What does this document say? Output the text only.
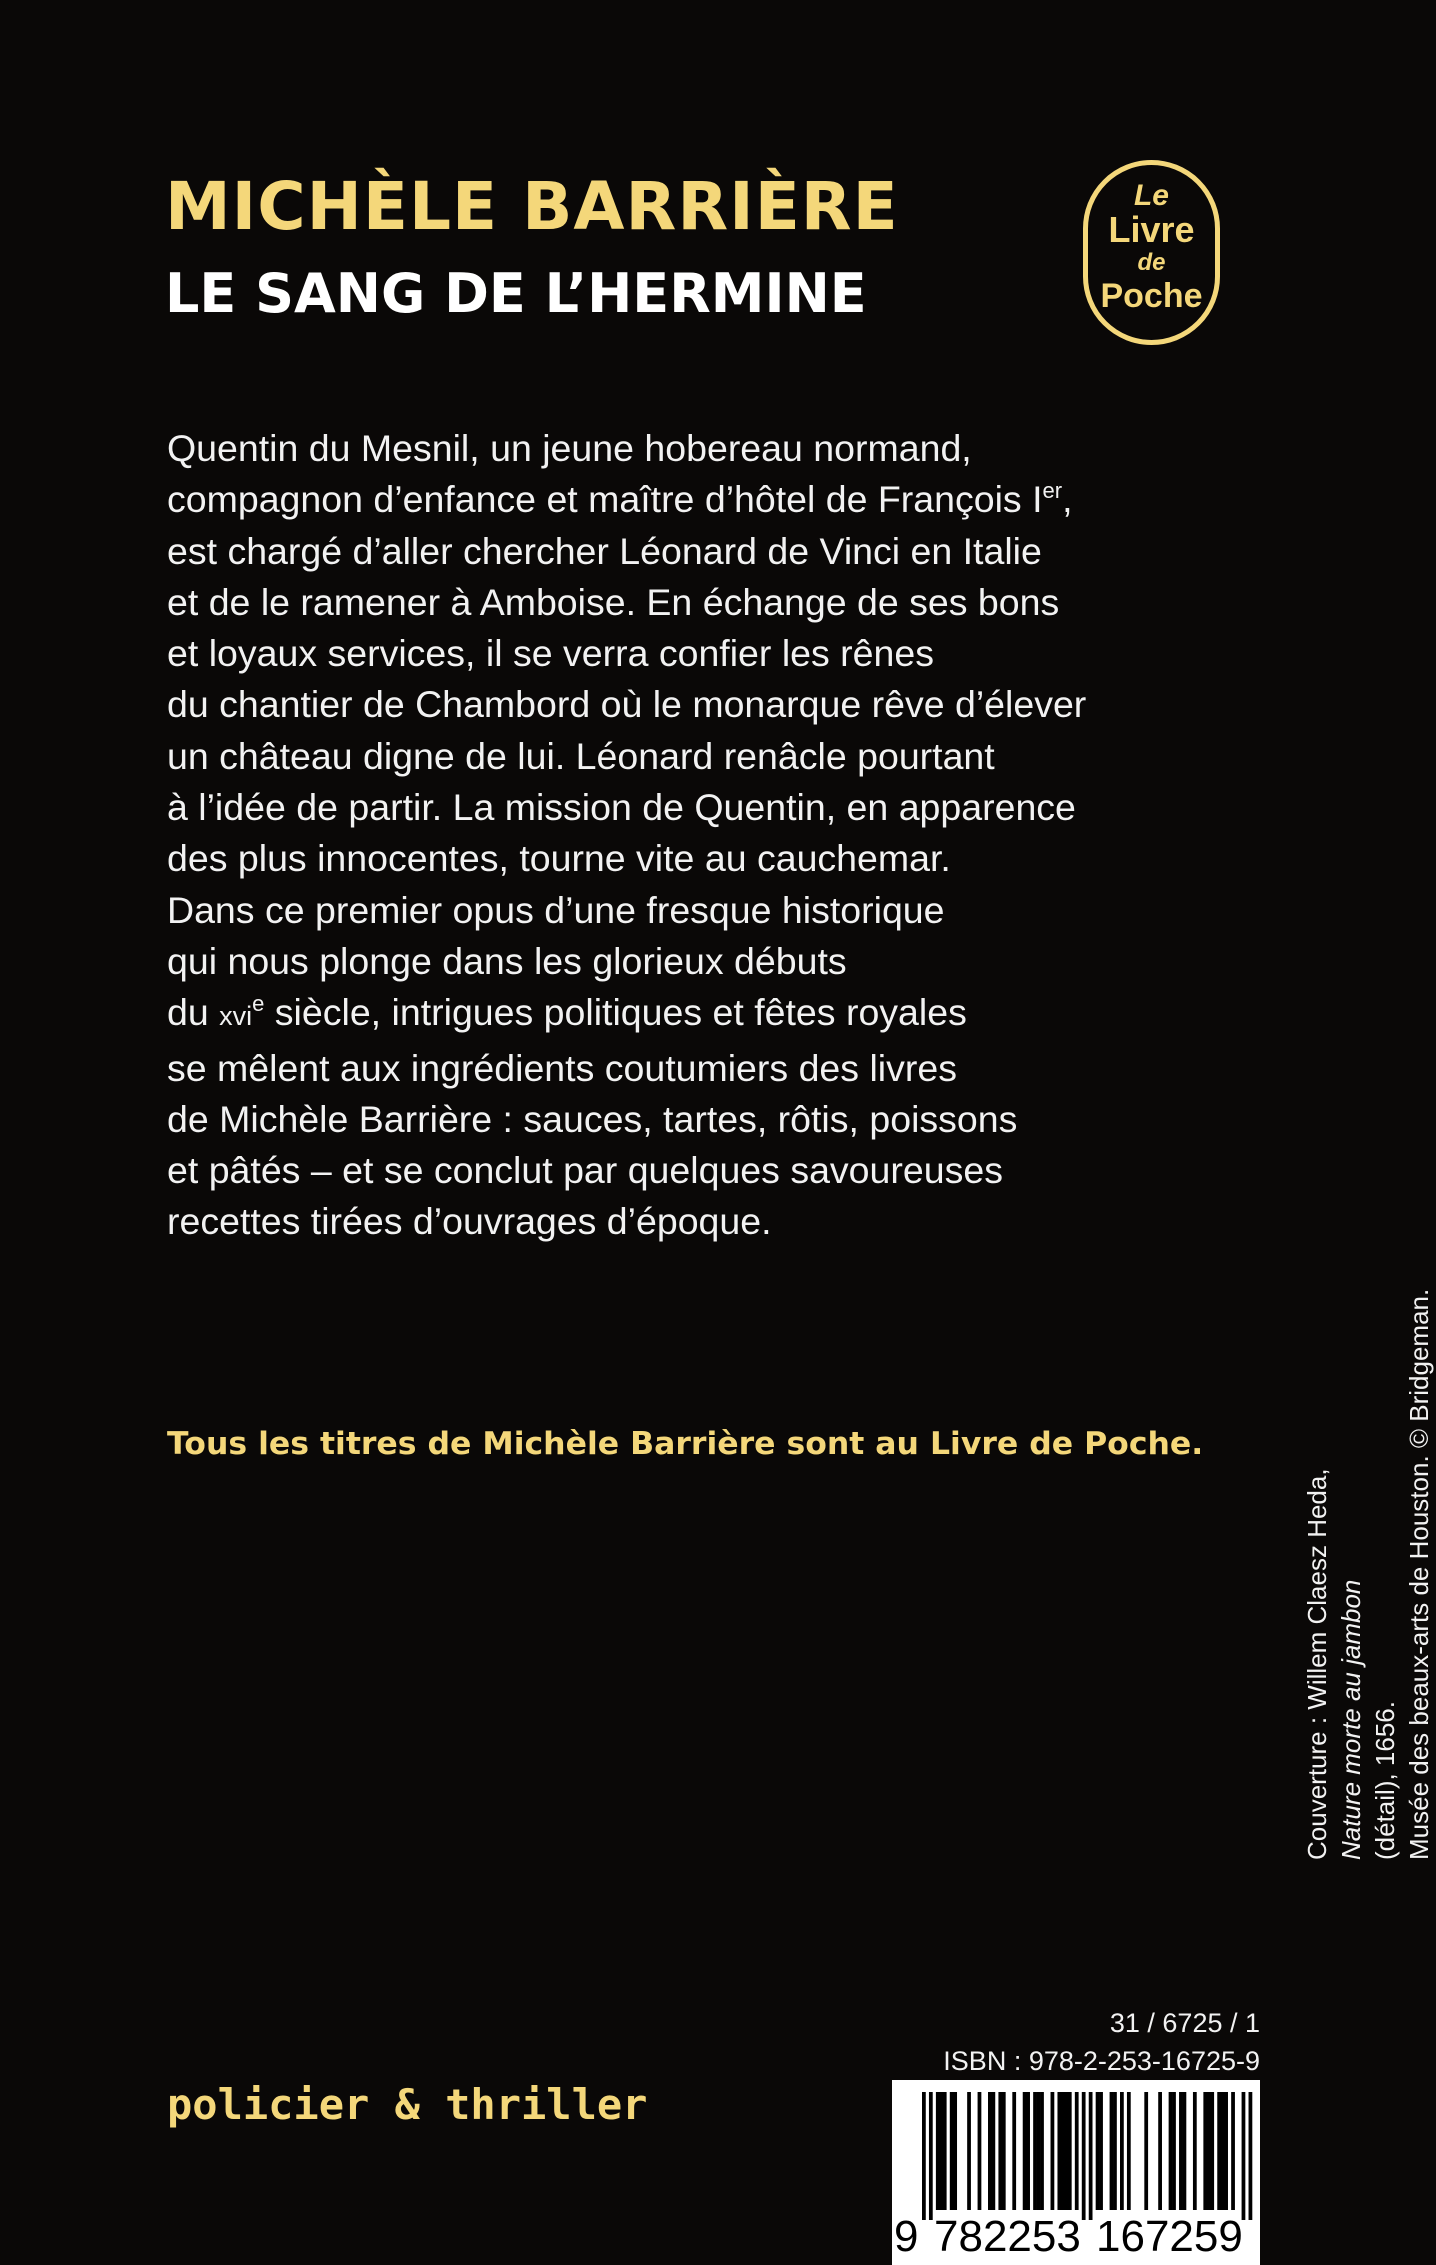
MICHÈLE BARRIÈRE
LE SANG DE L’HERMINE
Le
Livre
de
Poche
Quentin du Mesnil, un jeune hobereau normand,
compagnon d’enfance et maître d’hôtel de François Ier,
est chargé d’aller chercher Léonard de Vinci en Italie
et de le ramener à Amboise. En échange de ses bons
et loyaux services, il se verra confier les rênes
du chantier de Chambord où le monarque rêve d’élever
un château digne de lui. Léonard renâcle pourtant
à l’idée de partir. La mission de Quentin, en apparence
des plus innocentes, tourne vite au cauchemar.
Dans ce premier opus d’une fresque historique
qui nous plonge dans les glorieux débuts
du xvi$^e$ siècle, intrigues politiques et fêtes royales
se mêlent aux ingrédients coutumiers des livres
de Michèle Barrière : sauces, tartes, rôtis, poissons
et pâtés – et se conclut par quelques savoureuses
recettes tirées d’ouvrages d’époque.
Tous les titres de Michèle Barrière sont au Livre de Poche.
Couverture : Willem Claesz Heda, Nature morte au jambon (détail), 1656. Musée des beaux-arts de Houston. © Bridgeman.
policier & thriller
31 / 6725 / 1
ISBN : 978-2-253-16725-9
9 782253 167259
